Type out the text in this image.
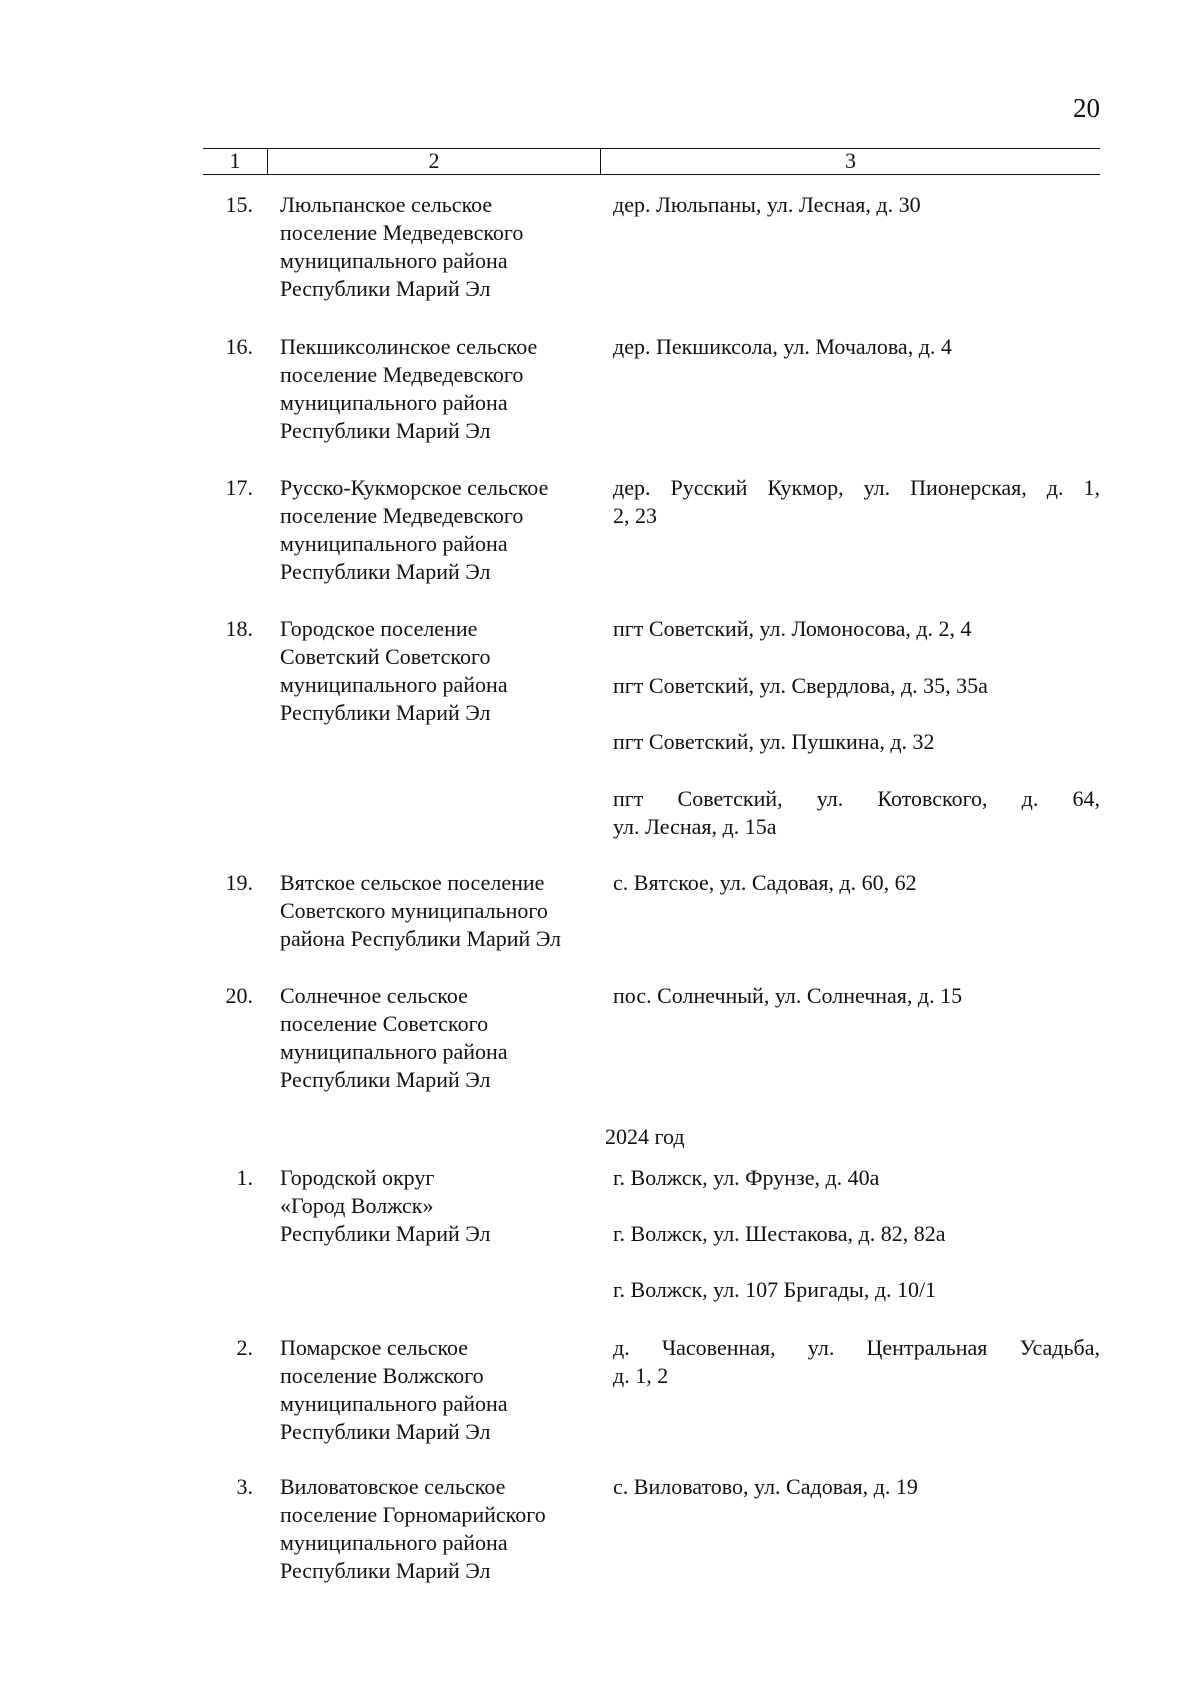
20
1	2	3
15. Люльпанское сельское
поселение Медведевского
муниципального района
Республики Марий Эл
дер. Люльпаны, ул. Лесная, д. 30
16. Пекшиксолинское сельское
поселение Медведевского
муниципального района
Республики Марий Эл
дер. Пекшиксола, ул. Мочалова, д. 4
17. Русско-Кукморское сельское
поселение Медведевского
муниципального района
Республики Марий Эл
дер. Русский Кукмор, ул. Пионерская, д. 1,
2, 23
18. Городское поселение
Советский Советского
муниципального района
Республики Марий Эл
пгт Советский, ул. Ломоносова, д. 2, 4
пгт Советский, ул. Свердлова, д. 35, 35а
пгт Советский, ул. Пушкина, д. 32
пгт Советский, ул. Котовского, д. 64,
ул. Лесная, д. 15а
19. Вятское сельское поселение
Советского муниципального
района Республики Марий Эл
с. Вятское, ул. Садовая, д. 60, 62
20. Солнечное сельское
поселение Советского
муниципального района
Республики Марий Эл
пос. Солнечный, ул. Солнечная, д. 15
2024 год
1. Городской округ
«Город Волжск»
Республики Марий Эл
г. Волжск, ул. Фрунзе, д. 40а
г. Волжск, ул. Шестакова, д. 82, 82а
г. Волжск, ул. 107 Бригады, д. 10/1
2. Помарское сельское
поселение Волжского
муниципального района
Республики Марий Эл
д. Часовенная, ул. Центральная Усадьба,
д. 1, 2
3. Виловатовское сельское
поселение Горномарийского
муниципального района
Республики Марий Эл
с. Виловатово, ул. Садовая, д. 19
